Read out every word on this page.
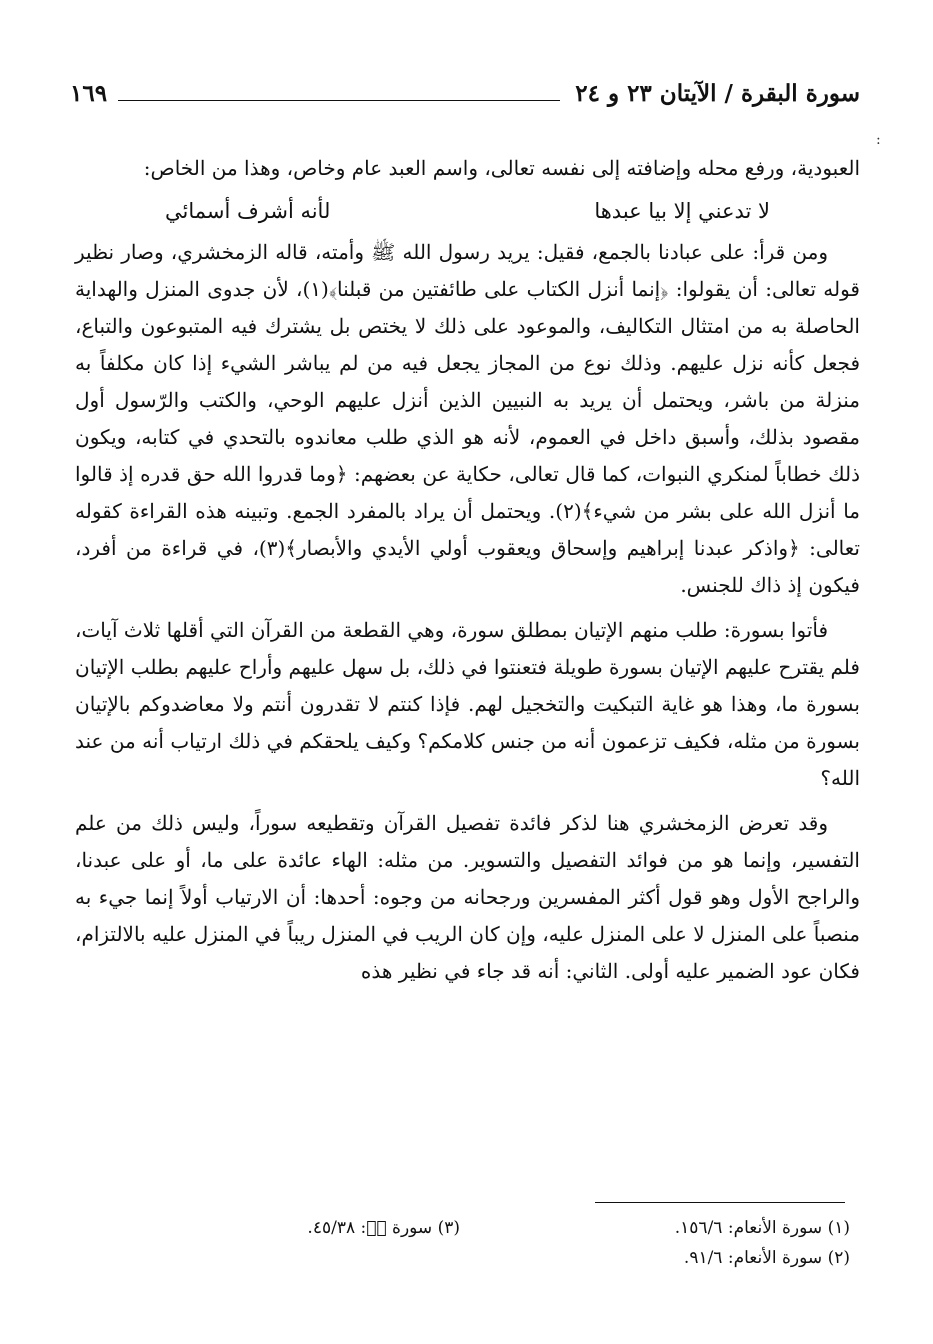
سورة البقرة / الآيتان ٢٣ و ٢٤
١٦٩
:

العبودية، ورفع محله وإضافته إلى نفسه تعالى، واسم العبد عام وخاص، وهذا من الخاص:

لا تدعني إلا بيا عبدها
لأنه أشرف أسمائي

ومن قرأ: على عبادنا بالجمع، فقيل: يريد رسول الله ﷺ وأمته، قاله الزمخشري، وصار نظير قوله تعالى: أن يقولوا: ﴿إنما أنزل الكتاب على طائفتين من قبلنا﴾(١)، لأن جدوى المنزل والهداية الحاصلة به من امتثال التكاليف، والموعود على ذلك لا يختص بل يشترك فيه المتبوعون والتباع، فجعل كأنه نزل عليهم. وذلك نوع من المجاز يجعل فيه من لم يباشر الشيء إذا كان مكلفاً به منزلة من باشر، ويحتمل أن يريد به النبيين الذين أنزل عليهم الوحي، والكتب والرّسول أول مقصود بذلك، وأسبق داخل في العموم، لأنه هو الذي طلب معاندوه بالتحدي في كتابه، ويكون ذلك خطاباً لمنكري النبوات، كما قال تعالى، حكاية عن بعضهم: ﴿وما قدروا الله حق قدره إذ قالوا ما أنزل الله على بشر من شيء﴾(٢). ويحتمل أن يراد بالمفرد الجمع. وتبينه هذه القراءة كقوله تعالى: ﴿واذكر عبدنا إبراهيم وإسحاق ويعقوب أولي الأيدي والأبصار﴾(٣)، في قراءة من أفرد، فيكون إذ ذاك للجنس.

فأتوا بسورة: طلب منهم الإتيان بمطلق سورة، وهي القطعة من القرآن التي أقلها ثلاث آيات، فلم يقترح عليهم الإتيان بسورة طويلة فتعنتوا في ذلك، بل سهل عليهم وأراح عليهم بطلب الإتيان بسورة ما، وهذا هو غاية التبكيت والتخجيل لهم. فإذا كنتم لا تقدرون أنتم ولا معاضدوكم بالإتيان بسورة من مثله، فكيف تزعمون أنه من جنس كلامكم؟ وكيف يلحقكم في ذلك ارتياب أنه من عند الله؟

وقد تعرض الزمخشري هنا لذكر فائدة تفصيل القرآن وتقطيعه سوراً، وليس ذلك من علم التفسير، وإنما هو من فوائد التفصيل والتسوير. من مثله: الهاء عائدة على ما، أو على عبدنا، والراجح الأول وهو قول أكثر المفسرين ورجحانه من وجوه: أحدها: أن الارتياب أولاً إنما جيء به منصباً على المنزل لا على المنزل عليه، وإن كان الريب في المنزل ريباً في المنزل عليه بالالتزام، فكان عود الضمير عليه أولى. الثاني: أنه قد جاء في نظير هذه

(١) سورة الأنعام: ١٥٦/٦.
(٢) سورة الأنعام: ٩١/٦.
(٣) سورة صۤ: ٤٥/٣٨.
